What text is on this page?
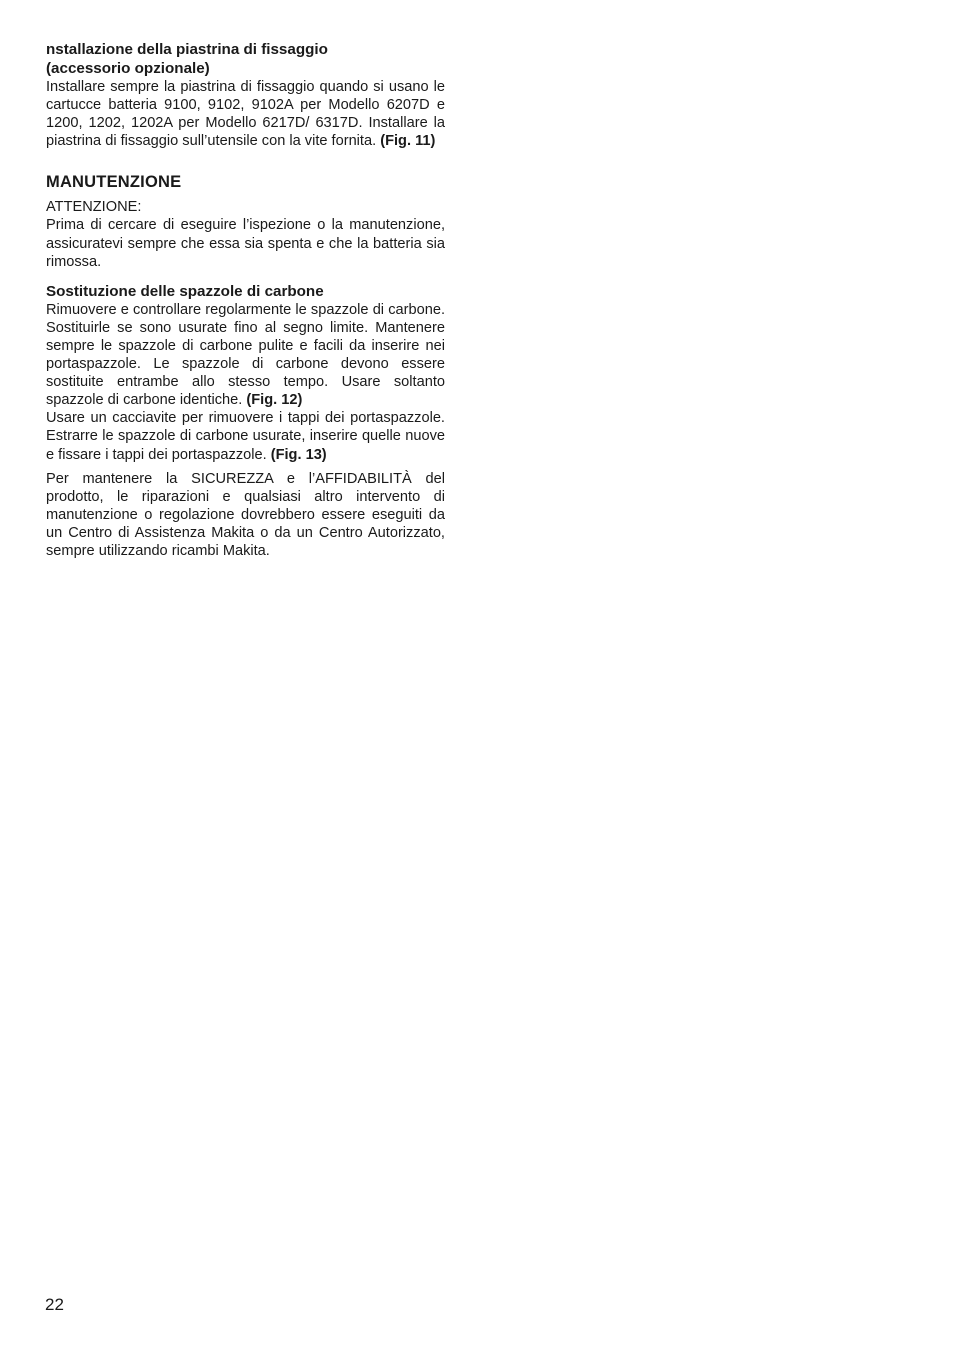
nstallazione della piastrina di fissaggio
(accessorio opzionale)

Installare sempre la piastrina di fissaggio quando si usano le cartucce batteria 9100, 9102, 9102A per Modello 6207D e 1200, 1202, 1202A per Modello 6217D/ 6317D. Installare la piastrina di fissaggio sull’utensile con la vite fornita. (Fig. 11)

MANUTENZIONE

ATTENZIONE:

Prima di cercare di eseguire l’ispezione o la manutenzione, assicuratevi sempre che essa sia spenta e che la batteria sia rimossa.

Sostituzione delle spazzole di carbone

Rimuovere e controllare regolarmente le spazzole di carbone. Sostituirle se sono usurate fino al segno limite. Mantenere sempre le spazzole di carbone pulite e facili da inserire nei portaspazzole. Le spazzole di carbone devono essere sostituite entrambe allo stesso tempo. Usare soltanto spazzole di carbone identiche. (Fig. 12)

Usare un cacciavite per rimuovere i tappi dei portaspazzole. Estrarre le spazzole di carbone usurate, inserire quelle nuove e fissare i tappi dei portaspazzole. (Fig. 13)

Per mantenere la SICUREZZA e l’AFFIDABILITÀ del prodotto, le riparazioni e qualsiasi altro intervento di manutenzione o regolazione dovrebbero essere eseguiti da un Centro di Assistenza Makita o da un Centro Autorizzato, sempre utilizzando ricambi Makita.

22
